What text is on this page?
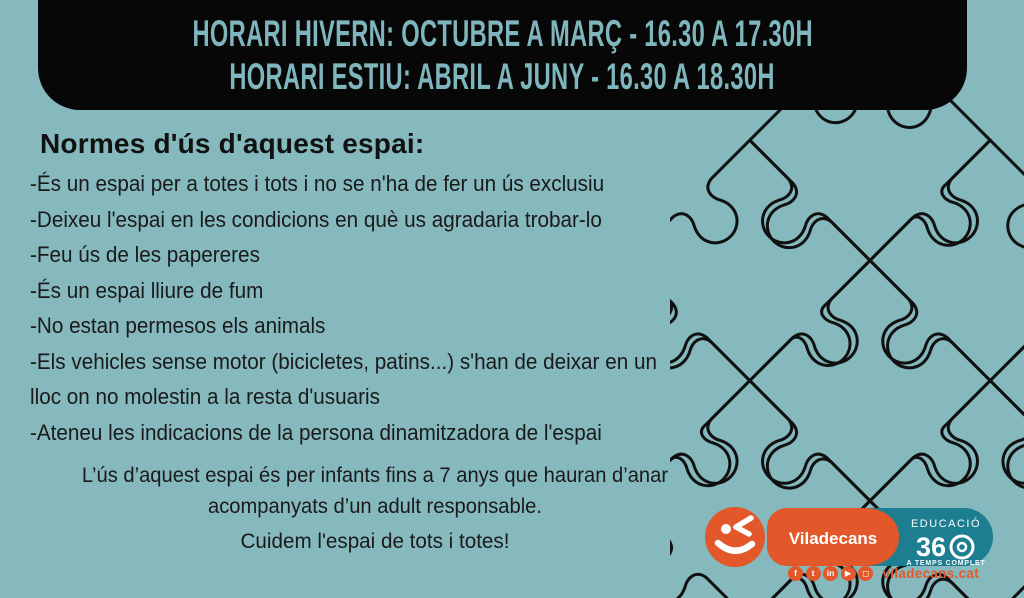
HORARI HIVERN: OCTUBRE A MARÇ - 16.30 A 17.30H
HORARI ESTIU: ABRIL A JUNY - 16.30 A 18.30H
Normes d'ús d'aquest espai:
-És un espai per a totes i tots i no se n'ha de fer un ús exclusiu
-Deixeu l'espai en les condicions en què us agradaria trobar-lo
-Feu ús de les papereres
-És un espai lliure de fum
-No estan permesos els animals
-Els vehicles sense motor (bicicletes, patins...) s'han de deixar en un
lloc on no molestin a la resta d'usuaris
-Ateneu les indicacions de la persona dinamitzadora de l'espai

L’ús d’aquest espai és per infants fins a 7 anys que hauran d’anar acompanyats d’un adult responsable.

Cuidem l'espai de tots i totes!	Viladecans
EDUCACIÓ
36
A TEMPS COMPLET
f	t	in	▶	◻ viladecans.cat
